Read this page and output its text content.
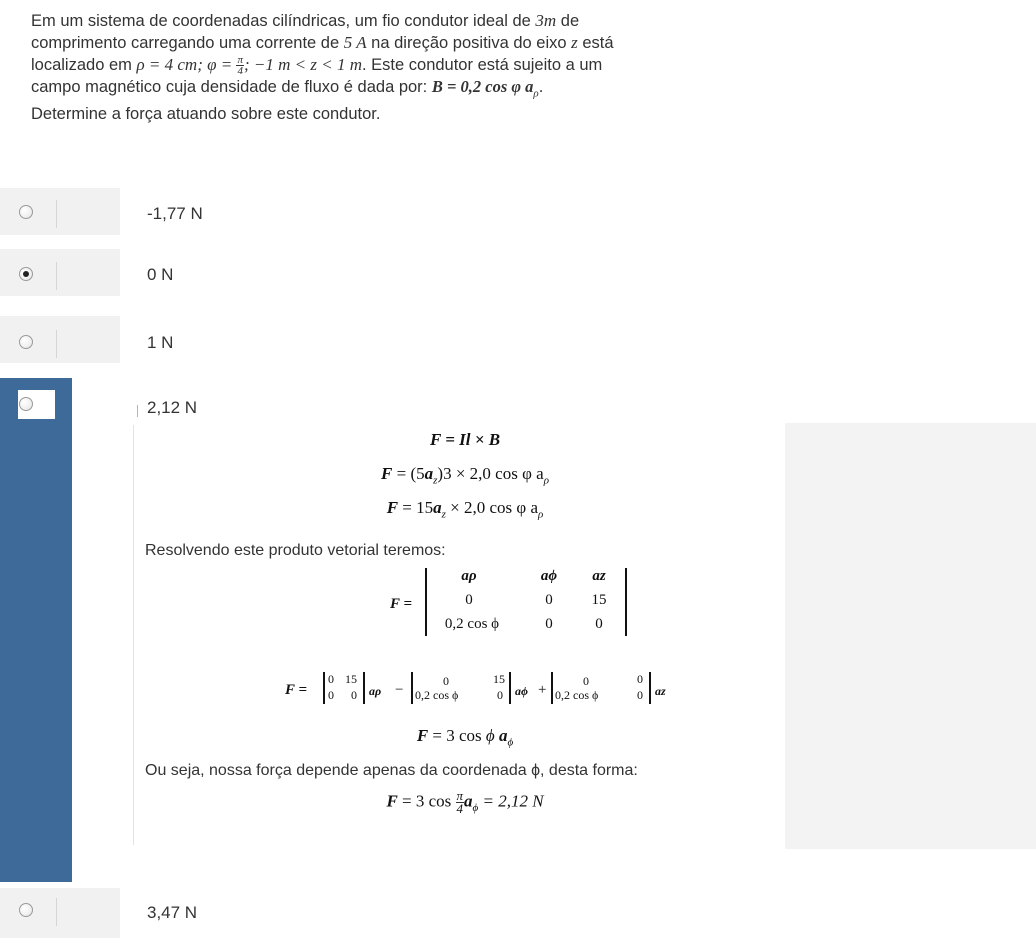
Em um sistema de coordenadas cilíndricas, um fio condutor ideal de 3m de
comprimento carregando uma corrente de 5 A na direção positiva do eixo z está
localizado em ρ = 4 cm; $\varphi = \frac{\pi}{4}$ ; −1 m < z < 1 m. Este condutor está sujeito a um
campo magnético cuja densidade de fluxo é dada por: B = 0,2 cos φ $a_\rho$.
Determine a força atuando sobre este condutor.
-1,77 N
0 N
1 N
2,12 N
3,47 N
F = Il × B
$F = (5a_z)3 \times 2,0$ cos φ $a_\rho$
$F = 15a_z \times 2,0$ cos φ $a_\rho$
Resolvendo este produto vetorial teremos:
F =
aρ	aϕ	az
0	0	15
0,2 cos ϕ	0	0
F =
0 15
0 0 aρ −
0	15
0,2 cos ϕ	0 aϕ +
0	0
0,2 cos ϕ	0 az
F = 3 cos ϕ $a_\phi$
Ou seja, nossa força depende apenas da coordenada ϕ, desta forma:
F = 3 $\cos \frac{\pi}{4} a_\phi = 2,12$ N
